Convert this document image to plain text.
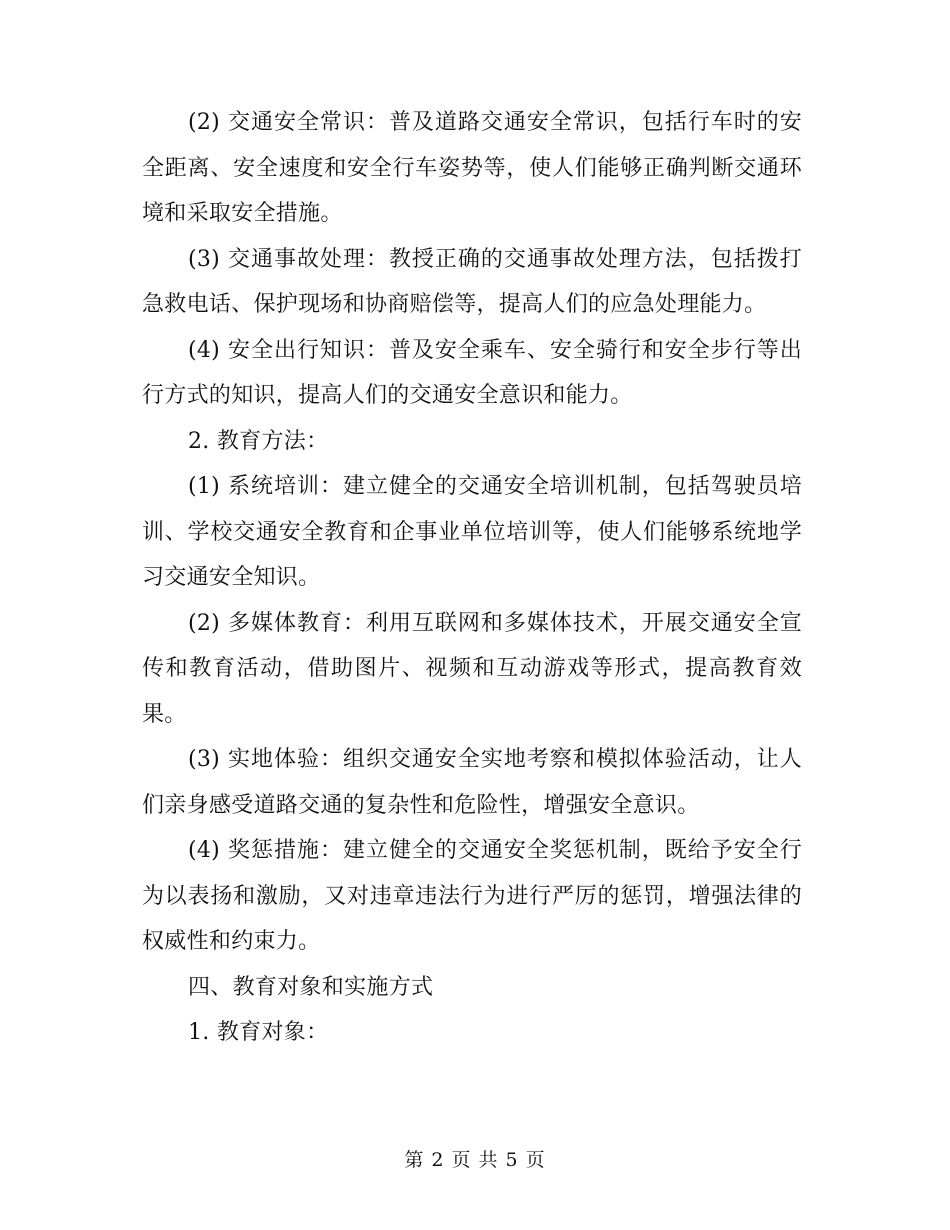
(2) 交通安全常识：普及道路交通安全常识，包括行车时的安全距离、安全速度和安全行车姿势等，使人们能够正确判断交通环境和采取安全措施。

(3) 交通事故处理：教授正确的交通事故处理方法，包括拨打急救电话、保护现场和协商赔偿等，提高人们的应急处理能力。

(4) 安全出行知识：普及安全乘车、安全骑行和安全步行等出行方式的知识，提高人们的交通安全意识和能力。

2. 教育方法：

(1) 系统培训：建立健全的交通安全培训机制，包括驾驶员培训、学校交通安全教育和企事业单位培训等，使人们能够系统地学习交通安全知识。

(2) 多媒体教育：利用互联网和多媒体技术，开展交通安全宣传和教育活动，借助图片、视频和互动游戏等形式，提高教育效果。

(3) 实地体验：组织交通安全实地考察和模拟体验活动，让人们亲身感受道路交通的复杂性和危险性，增强安全意识。

(4) 奖惩措施：建立健全的交通安全奖惩机制，既给予安全行为以表扬和激励，又对违章违法行为进行严厉的惩罚，增强法律的权威性和约束力。

四、教育对象和实施方式

1. 教育对象：

第 2 页 共 5 页
